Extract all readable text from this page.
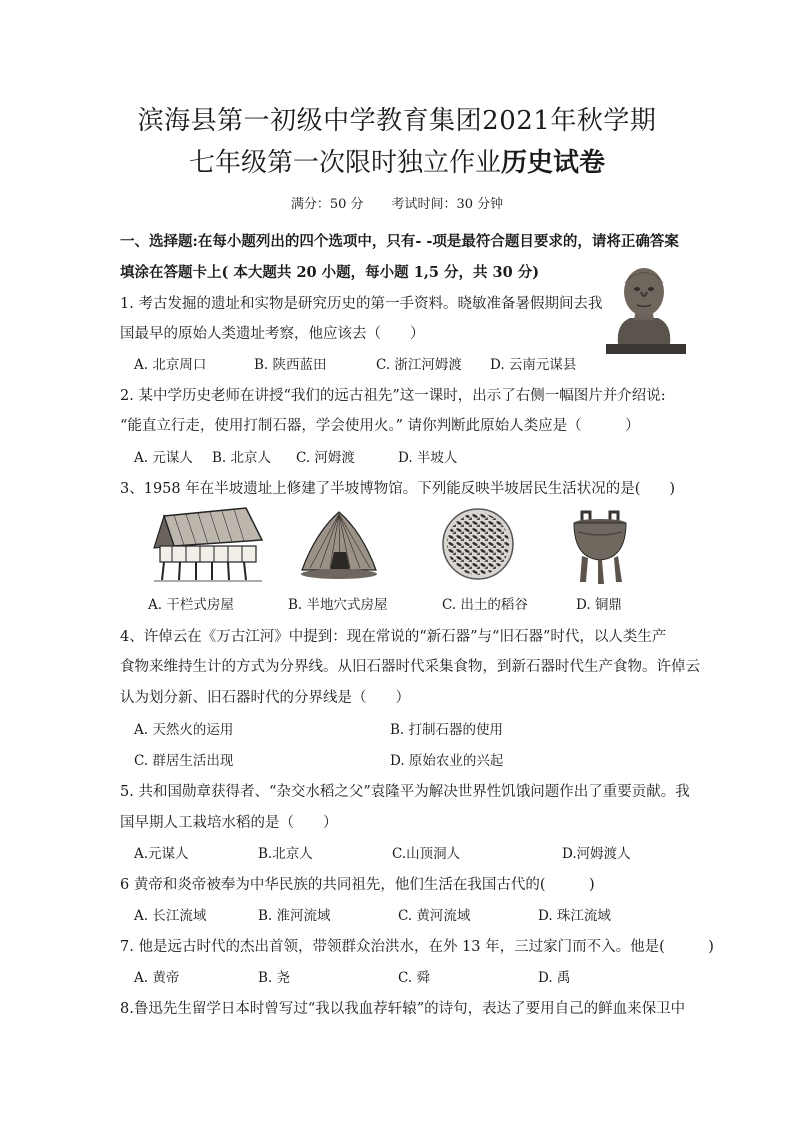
滨海县第一初级中学教育集团2021年秋学期
七年级第一次限时独立作业历史试卷
满分：50 分 考试时间：30 分钟
一、选择题:在每小题列出的四个选项中，只有- -项是最符合题目要求的，请将正确答案
填涂在答题卡上( 本大题共 20 小题，每小题 1,5 分，共 30 分)
1. 考古发掘的遗址和实物是研究历史的第一手资料。晓敏准备暑假期间去我
国最早的原始人类遗址考察，他应该去（　　）
A. 北京周口	B. 陕西蓝田	C. 浙江河姆渡 D. 云南元谋县
2. 某中学历史老师在讲授“我们的远古祖先”这一课时，出示了右侧一幅图片并介绍说:
“能直立行走，使用打制石器，学会使用火。” 请你判断此原始人类应是（　　　）
A. 元谋人 B. 北京人 C. 河姆渡	D. 半坡人
3、1958 年在半坡遗址上修建了半坡博物馆。下列能反映半坡居民生活状况的是(　　)
A. 干栏式房屋	B. 半地穴式房屋	C. 出土的稻谷	D. 铜鼎
4、许倬云在《万古江河》中提到：现在常说的“新石器”与“旧石器”时代，以人类生产
食物来维持生计的方式为分界线。从旧石器时代采集食物，到新石器时代生产食物。许倬云
认为划分新、旧石器时代的分界线是（　　）
A. 天然火的运用	B. 打制石器的使用
C. 群居生活出现	D. 原始农业的兴起
5. 共和国勋章获得者、“杂交水稻之父”袁隆平为解决世界性饥饿问题作出了重要贡献。我
国早期人工栽培水稻的是（　　）
A.元谋人	B.北京人	C.山顶洞人	D.河姆渡人
6 黄帝和炎帝被奉为中华民族的共同祖先，他们生活在我国古代的(　　　)
A. 长江流域	B. 淮河流域	C. 黄河流域	D. 珠江流域
7. 他是远古时代的杰出首领，带领群众治洪水，在外 13 年，三过家门而不入。他是(　　　)
A. 黄帝	B. 尧	C. 舜	D. 禹
8.鲁迅先生留学日本时曾写过“我以我血荐轩辕”的诗句，表达了要用自己的鲜血来保卫中
